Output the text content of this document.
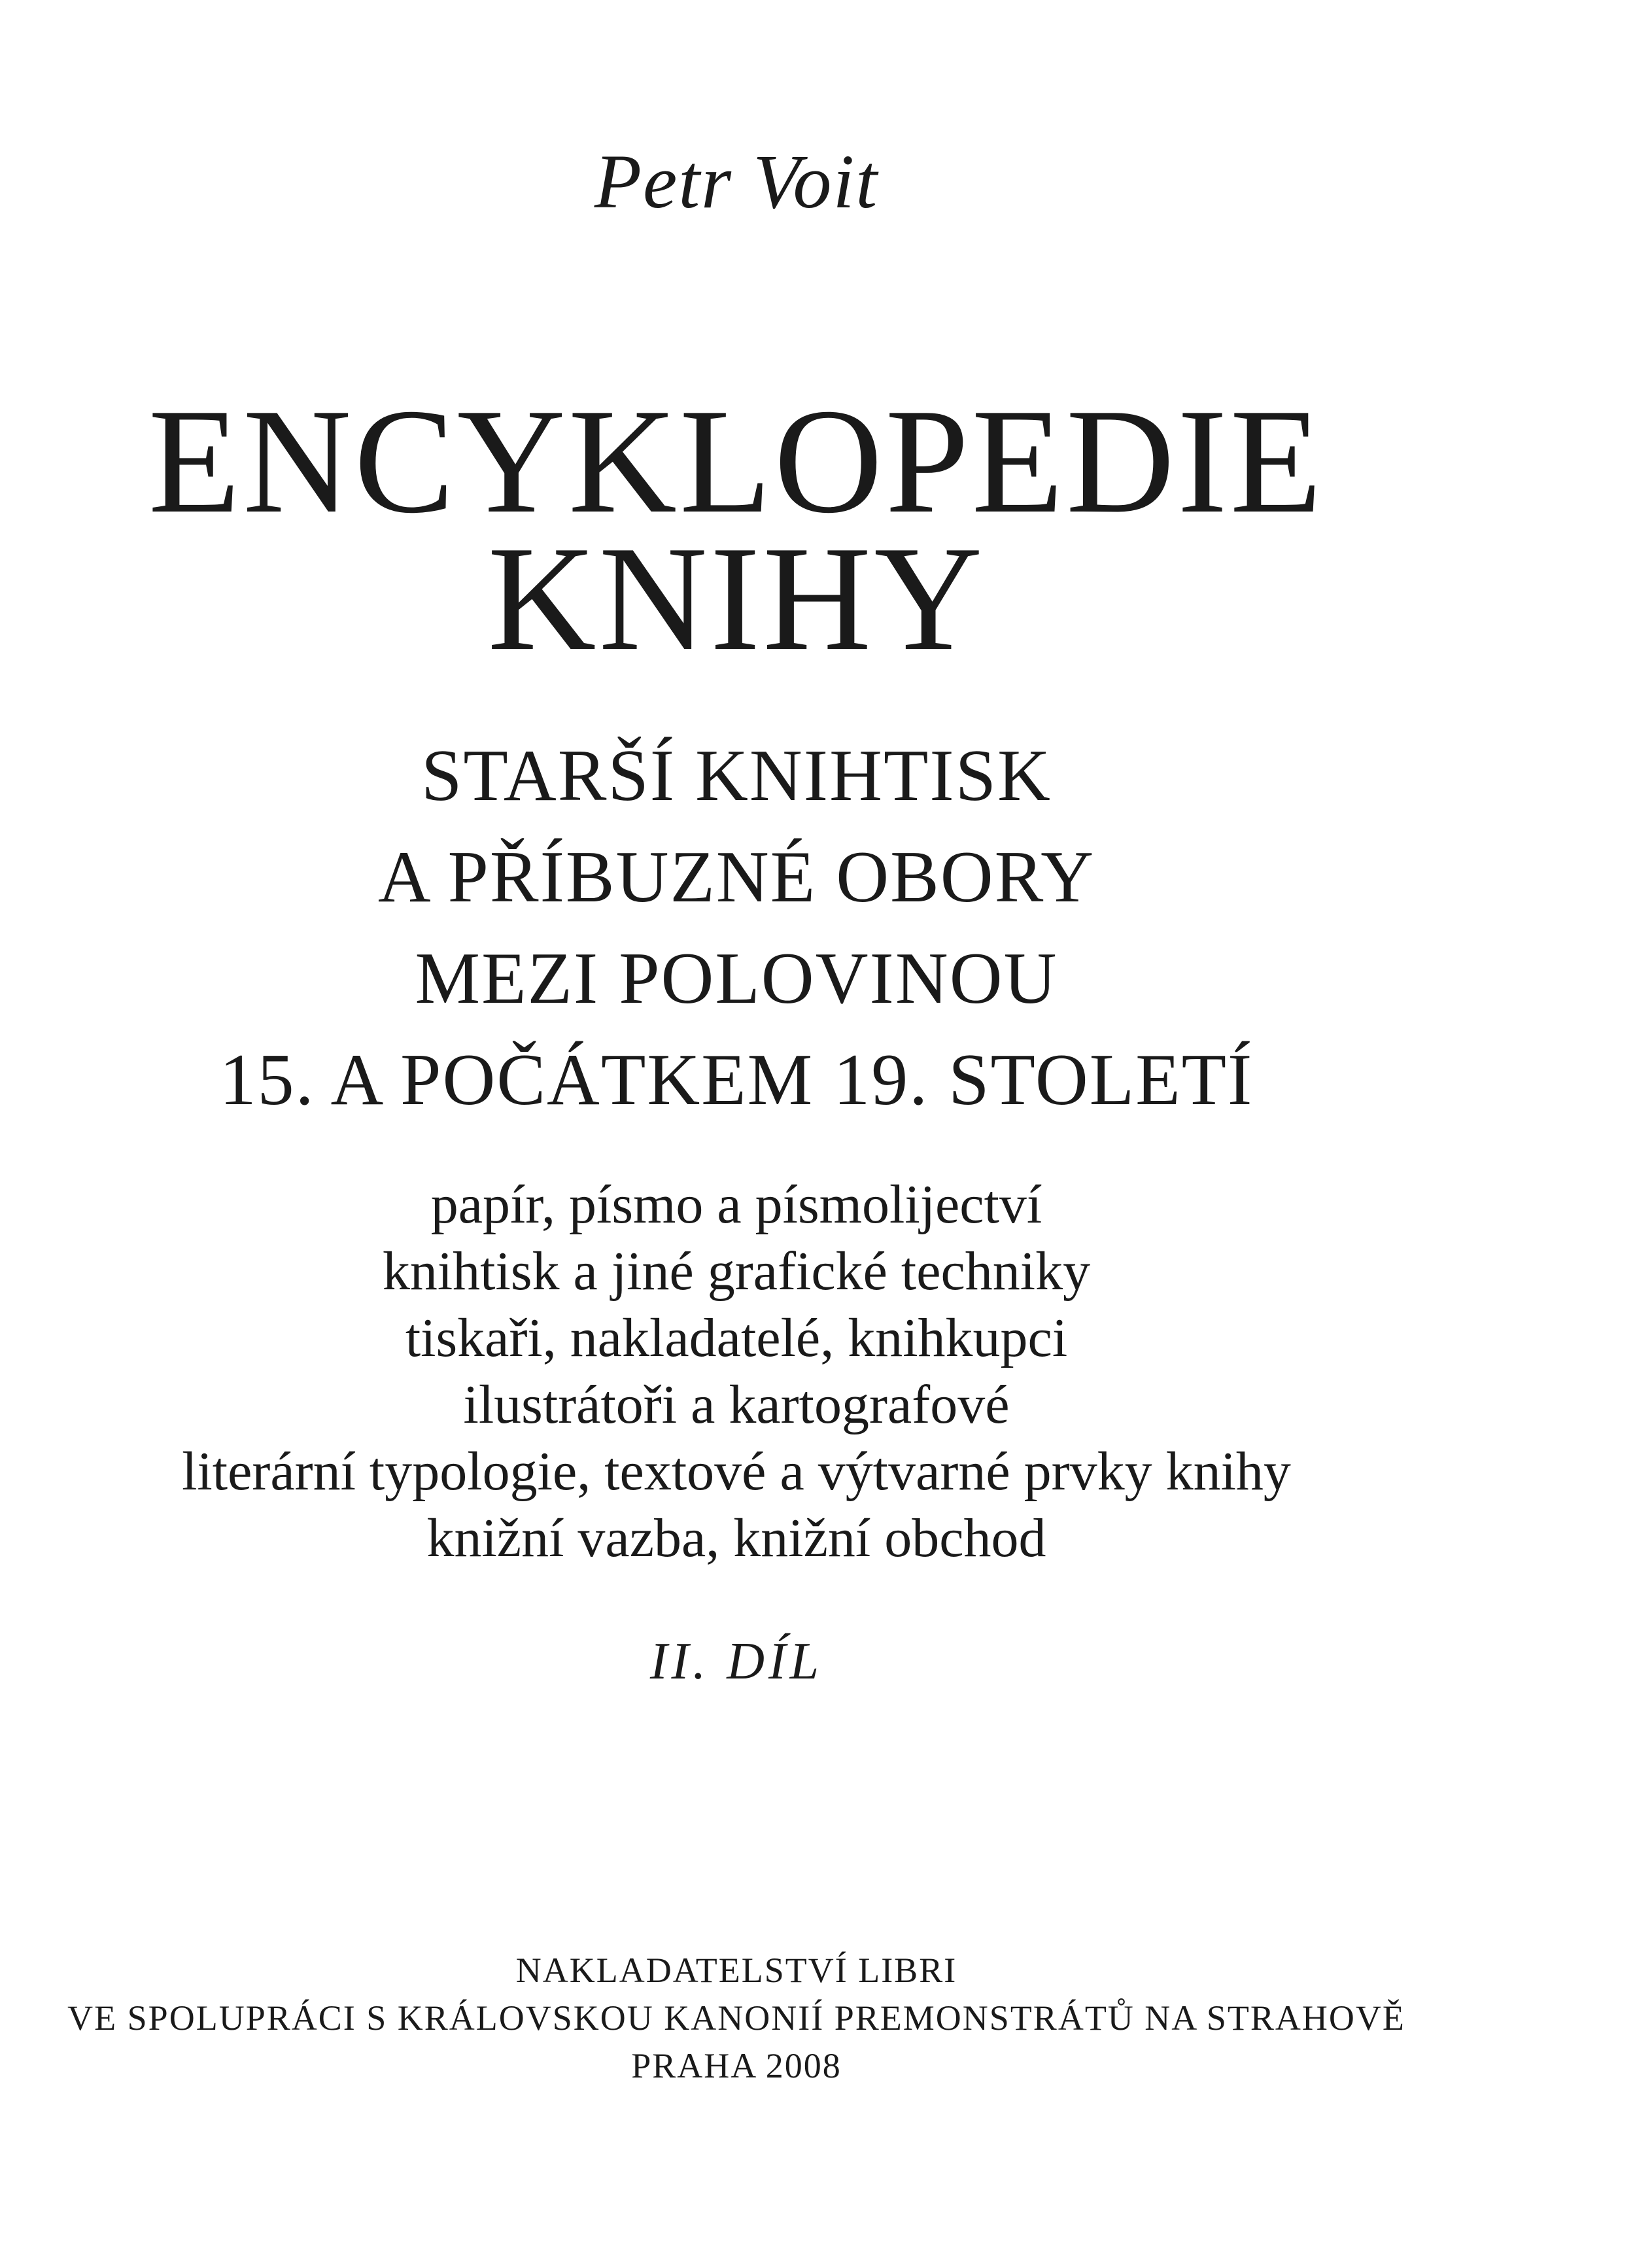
Petr Voit
ENCYKLOPEDIE
KNIHY
STARŠÍ KNIHTISK
A PŘÍBUZNÉ OBORY
MEZI POLOVINOU
15. A POČÁTKEM 19. STOLETÍ
papír, písmo a písmolijectví
knihtisk a jiné grafické techniky
tiskaři, nakladatelé, knihkupci
ilustrátoři a kartografové
literární typologie, textové a výtvarné prvky knihy
knižní vazba, knižní obchod
II. DÍL
NAKLADATELSTVÍ LIBRI
VE SPOLUPRÁCI S KRÁLOVSKOU KANONIÍ PREMONSTRÁTŮ NA STRAHOVĚ
PRAHA 2008
